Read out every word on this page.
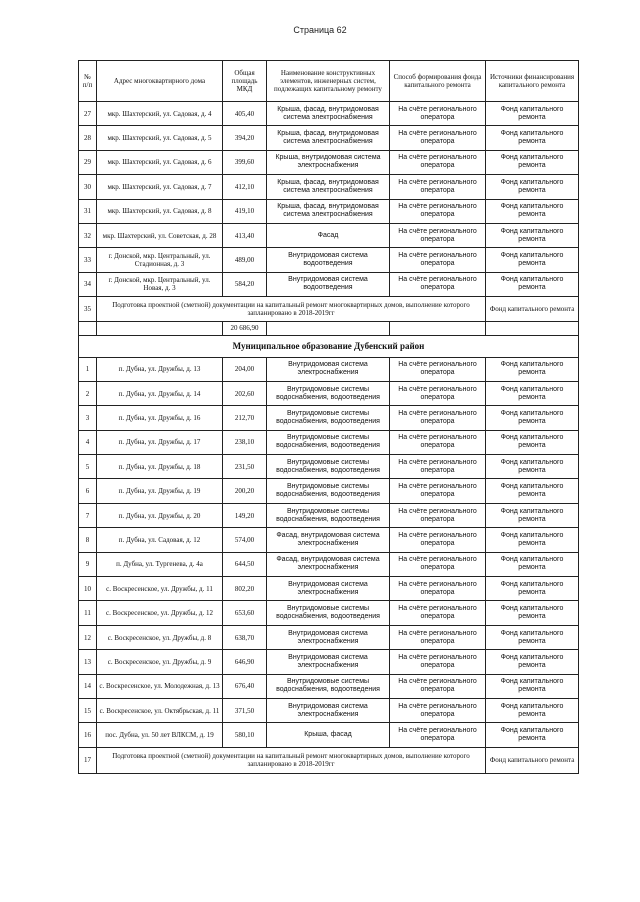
Страница 62
№ п/п	Адрес многоквартирного дома	Общая площадь МКД	Наименование конструктивных элементов, инженерных систем, подлежащих капитальному ремонту	Способ формирования фонда капитального ремонта	Источники финансирования капитального ремонта
27	мкр. Шахтерский, ул. Садовая, д. 4	405,40	Крыша, фасад, внутридомовая система электроснабжения	На счёте регионального оператора	Фонд капитального ремонта
28	мкр. Шахтерский, ул. Садовая, д. 5	394,20	Крыша, фасад, внутридомовая система электроснабжения	На счёте регионального оператора	Фонд капитального ремонта
29	мкр. Шахтерский, ул. Садовая, д. 6	399,60	Крыша, внутридомовая система электроснабжения	На счёте регионального оператора	Фонд капитального ремонта
30	мкр. Шахтерский, ул. Садовая, д. 7	412,10	Крыша, фасад, внутридомовая система электроснабжения	На счёте регионального оператора	Фонд капитального ремонта
31	мкр. Шахтерский, ул. Садовая, д. 8	419,10	Крыша, фасад, внутридомовая система электроснабжения	На счёте регионального оператора	Фонд капитального ремонта
32	мкр. Шахтерский, ул. Советская, д. 28	413,40	Фасад	На счёте регионального оператора	Фонд капитального ремонта
33	г. Донской, мкр. Центральный, ул. Стадионная, д. 3	489,00	Внутридомовая система водоотведения	На счёте регионального оператора	Фонд капитального ремонта
34	г. Донской, мкр. Центральный, ул. Новая, д. 3	584,20	Внутридомовая система водоотведения	На счёте регионального оператора	Фонд капитального ремонта
35	Подготовка проектной (сметной) документации на капитальный ремонт многоквартирных домов, выполнение которого запланировано в 2018-2019гг				Фонд капитального ремонта
		20 686,90			
Муниципальное образование Дубенский район					
1	п. Дубна, ул. Дружбы, д. 13	204,00	Внутридомовая система электроснабжения	На счёте регионального оператора	Фонд капитального ремонта
2	п. Дубна, ул. Дружбы, д. 14	202,60	Внутридомовые системы водоснабжения, водоотведения	На счёте регионального оператора	Фонд капитального ремонта
3	п. Дубна, ул. Дружбы, д. 16	212,70	Внутридомовые системы водоснабжения, водоотведения	На счёте регионального оператора	Фонд капитального ремонта
4	п. Дубна, ул. Дружбы, д. 17	238,10	Внутридомовые системы водоснабжения, водоотведения	На счёте регионального оператора	Фонд капитального ремонта
5	п. Дубна, ул. Дружбы, д. 18	231,50	Внутридомовые системы водоснабжения, водоотведения	На счёте регионального оператора	Фонд капитального ремонта
6	п. Дубна, ул. Дружбы, д. 19	200,20	Внутридомовые системы водоснабжения, водоотведения	На счёте регионального оператора	Фонд капитального ремонта
7	п. Дубна, ул. Дружбы, д. 20	149,20	Внутридомовые системы водоснабжения, водоотведения	На счёте регионального оператора	Фонд капитального ремонта
8	п. Дубна, ул. Садовая, д. 12	574,00	Фасад, внутридомовая система электроснабжения	На счёте регионального оператора	Фонд капитального ремонта
9	п. Дубна, ул. Тургенева, д. 4а	644,50	Фасад, внутридомовая система электроснабжения	На счёте регионального оператора	Фонд капитального ремонта
10	с. Воскресенское, ул. Дружбы, д. 11	802,20	Внутридомовая система электроснабжения	На счёте регионального оператора	Фонд капитального ремонта
11	с. Воскресенское, ул. Дружбы, д. 12	653,60	Внутридомовые системы водоснабжения, водоотведения	На счёте регионального оператора	Фонд капитального ремонта
12	с. Воскресенское, ул. Дружбы, д. 8	638,70	Внутридомовая система электроснабжения	На счёте регионального оператора	Фонд капитального ремонта
13	с. Воскресенское, ул. Дружбы, д. 9	646,90	Внутридомовая система электроснабжения	На счёте регионального оператора	Фонд капитального ремонта
14	с. Воскресенское, ул. Молодежная, д. 13	676,40	Внутридомовые системы водоснабжения, водоотведения	На счёте регионального оператора	Фонд капитального ремонта
15	с. Воскресенское, ул. Октябрьская, д. 11	371,50	Внутридомовая система электроснабжения	На счёте регионального оператора	Фонд капитального ремонта
16	пос. Дубна, ул. 50 лет ВЛКСМ, д. 19	580,10	Крыша, фасад	На счёте регионального оператора	Фонд капитального ремонта
17	Подготовка проектной (сметной) документации на капитальный ремонт многоквартирных домов, выполнение которого запланировано в 2018-2019гг				Фонд капитального ремонта
